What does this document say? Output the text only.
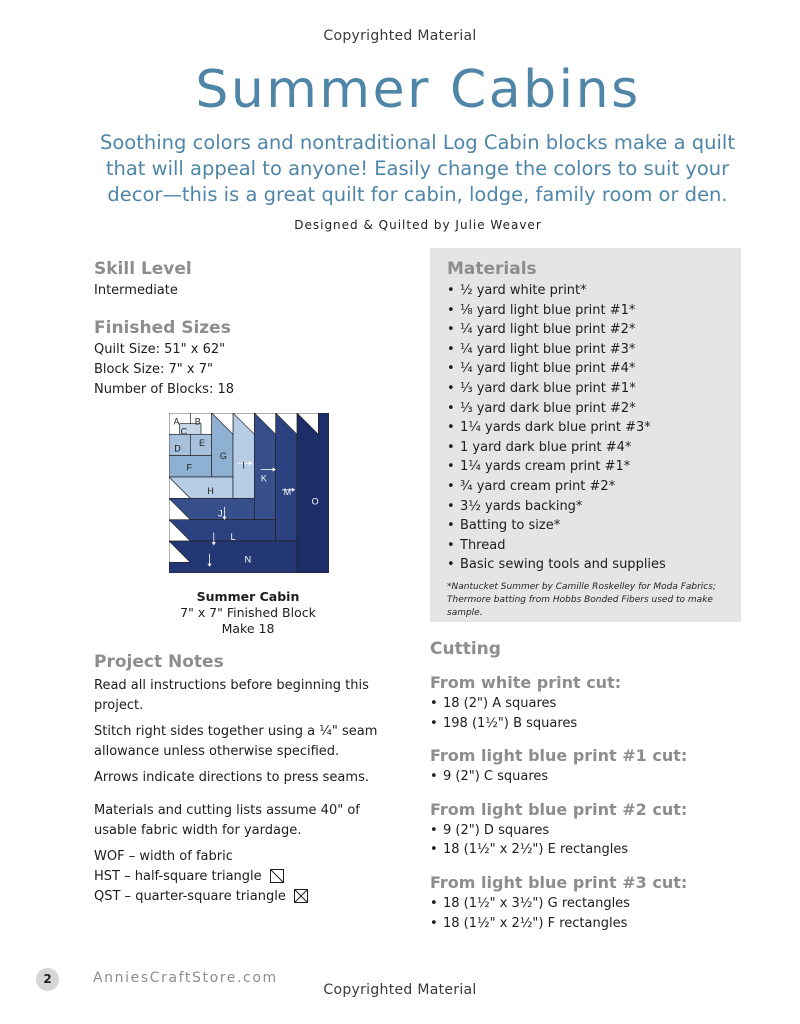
Copyrighted Material
Copyrighted Material
Summer Cabins

Soothing colors and nontraditional Log Cabin blocks make a quilt that will appeal to anyone! Easily change the colors to suit your decor—this is a great quilt for cabin, lodge, family room or den.

Designed & Quilted by Julie Weaver
Skill Level
Intermediate
Finished Sizes
Quilt Size: 51" x 62"
Block Size: 7" x 7"
Number of Blocks: 18
A B
C
D
E
F
G
H
I
J
K
L
M
N
O
Summer Cabin
7" x 7" Finished Block
Make 18
Project Notes

Read all instructions before beginning this project.

Stitch right sides together using a ¼" seam allowance unless otherwise specified.

Arrows indicate directions to press seams.

Materials and cutting lists assume 40" of usable fabric width for yardage.

WOF – width of fabric
HST – half-square triangle
QST – quarter-square triangle
Materials
• ½ yard white print*
• ⅛ yard light blue print #1*
• ¼ yard light blue print #2*
• ¼ yard light blue print #3*
• ¼ yard light blue print #4*
• ⅓ yard dark blue print #1*
• ⅓ yard dark blue print #2*
• 1¼ yards dark blue print #3*
• 1 yard dark blue print #4*
• 1¼ yards cream print #1*
• ¾ yard cream print #2*
• 3½ yards backing*
• Batting to size*
• Thread
• Basic sewing tools and supplies
*Nantucket Summer by Camille Roskelley for Moda Fabrics; Thermore batting from Hobbs Bonded Fibers used to make sample.
Cutting
From white print cut:
• 18 (2") A squares
• 198 (1½") B squares
From light blue print #1 cut:
• 9 (2") C squares
From light blue print #2 cut:
• 9 (2") D squares
• 18 (1½" x 2½") E rectangles
From light blue print #3 cut:
• 18 (1½" x 3½") G rectangles
• 18 (1½" x 2½") F rectangles
2	AnniesCraftStore.com
